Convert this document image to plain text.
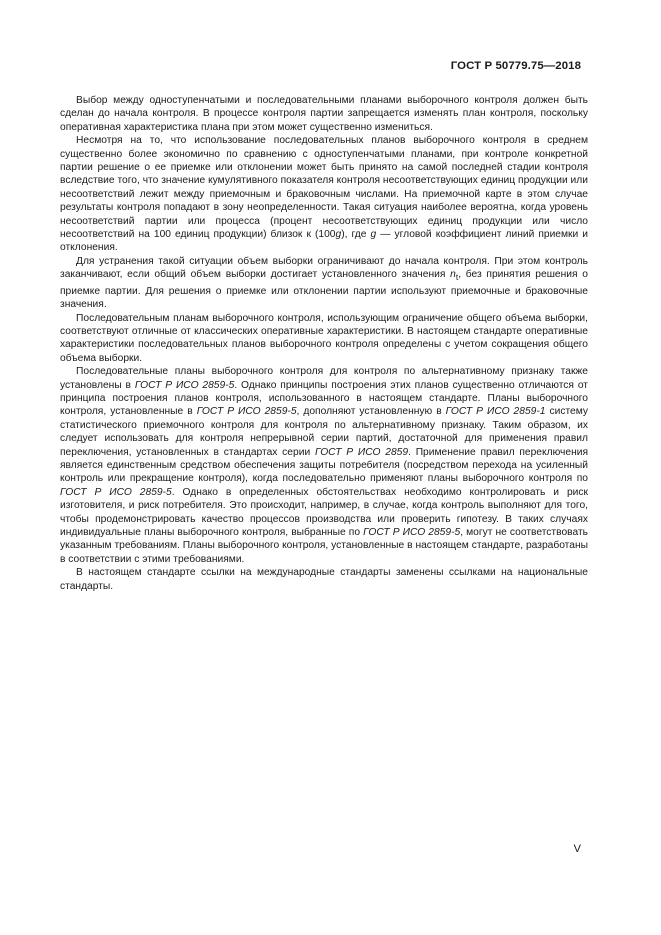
ГОСТ Р 50779.75—2018

Выбор между одноступенчатыми и последовательными планами выборочного контроля должен быть сделан до начала контроля. В процессе контроля партии запрещается изменять план контроля, поскольку оперативная характеристика плана при этом может существенно измениться.

Несмотря на то, что использование последовательных планов выборочного контроля в среднем существенно более экономично по сравнению с одноступенчатыми планами, при контроле конкретной партии решение о ее приемке или отклонении может быть принято на самой последней стадии контроля вследствие того, что значение кумулятивного показателя контроля несоответствующих единиц продукции или несоответствий лежит между приемочным и браковочным числами. На приемочной карте в этом случае результаты контроля попадают в зону неопределенности. Такая ситуация наиболее вероятна, когда уровень несоответствий партии или процесса (процент несоответствующих единиц продукции или число несоответствий на 100 единиц продукции) близок к (100g), где g — угловой коэффициент линий приемки и отклонения.

Для устранения такой ситуации объем выборки ограничивают до начала контроля. При этом контроль заканчивают, если общий объем выборки достигает установленного значения $n_t$, без принятия решения о приемке партии. Для решения о приемке или отклонении партии используют приемочные и браковочные значения.

Последовательным планам выборочного контроля, использующим ограничение общего объема выборки, соответствуют отличные от классических оперативные характеристики. В настоящем стандарте оперативные характеристики последовательных планов выборочного контроля определены с учетом сокращения общего объема выборки.

Последовательные планы выборочного контроля для контроля по альтернативному признаку также установлены в ГОСТ Р ИСО 2859-5. Однако принципы построения этих планов существенно отличаются от принципа построения планов контроля, использованного в настоящем стандарте. Планы выборочного контроля, установленные в ГОСТ Р ИСО 2859-5, дополняют установленную в ГОСТ Р ИСО 2859-1 систему статистического приемочного контроля для контроля по альтернативному признаку. Таким образом, их следует использовать для контроля непрерывной серии партий, достаточной для применения правил переключения, установленных в стандартах серии ГОСТ Р ИСО 2859. Применение правил переключения является единственным средством обеспечения защиты потребителя (посредством перехода на усиленный контроль или прекращение контроля), когда последовательно применяют планы выборочного контроля по ГОСТ Р ИСО 2859-5. Однако в определенных обстоятельствах необходимо контролировать и риск изготовителя, и риск потребителя. Это происходит, например, в случае, когда контроль выполняют для того, чтобы продемонстрировать качество процессов производства или проверить гипотезу. В таких случаях индивидуальные планы выборочного контроля, выбранные по ГОСТ Р ИСО 2859-5, могут не соответствовать указанным требованиям. Планы выборочного контроля, установленные в настоящем стандарте, разработаны в соответствии с этими требованиями.

В настоящем стандарте ссылки на международные стандарты заменены ссылками на национальные стандарты.

V
